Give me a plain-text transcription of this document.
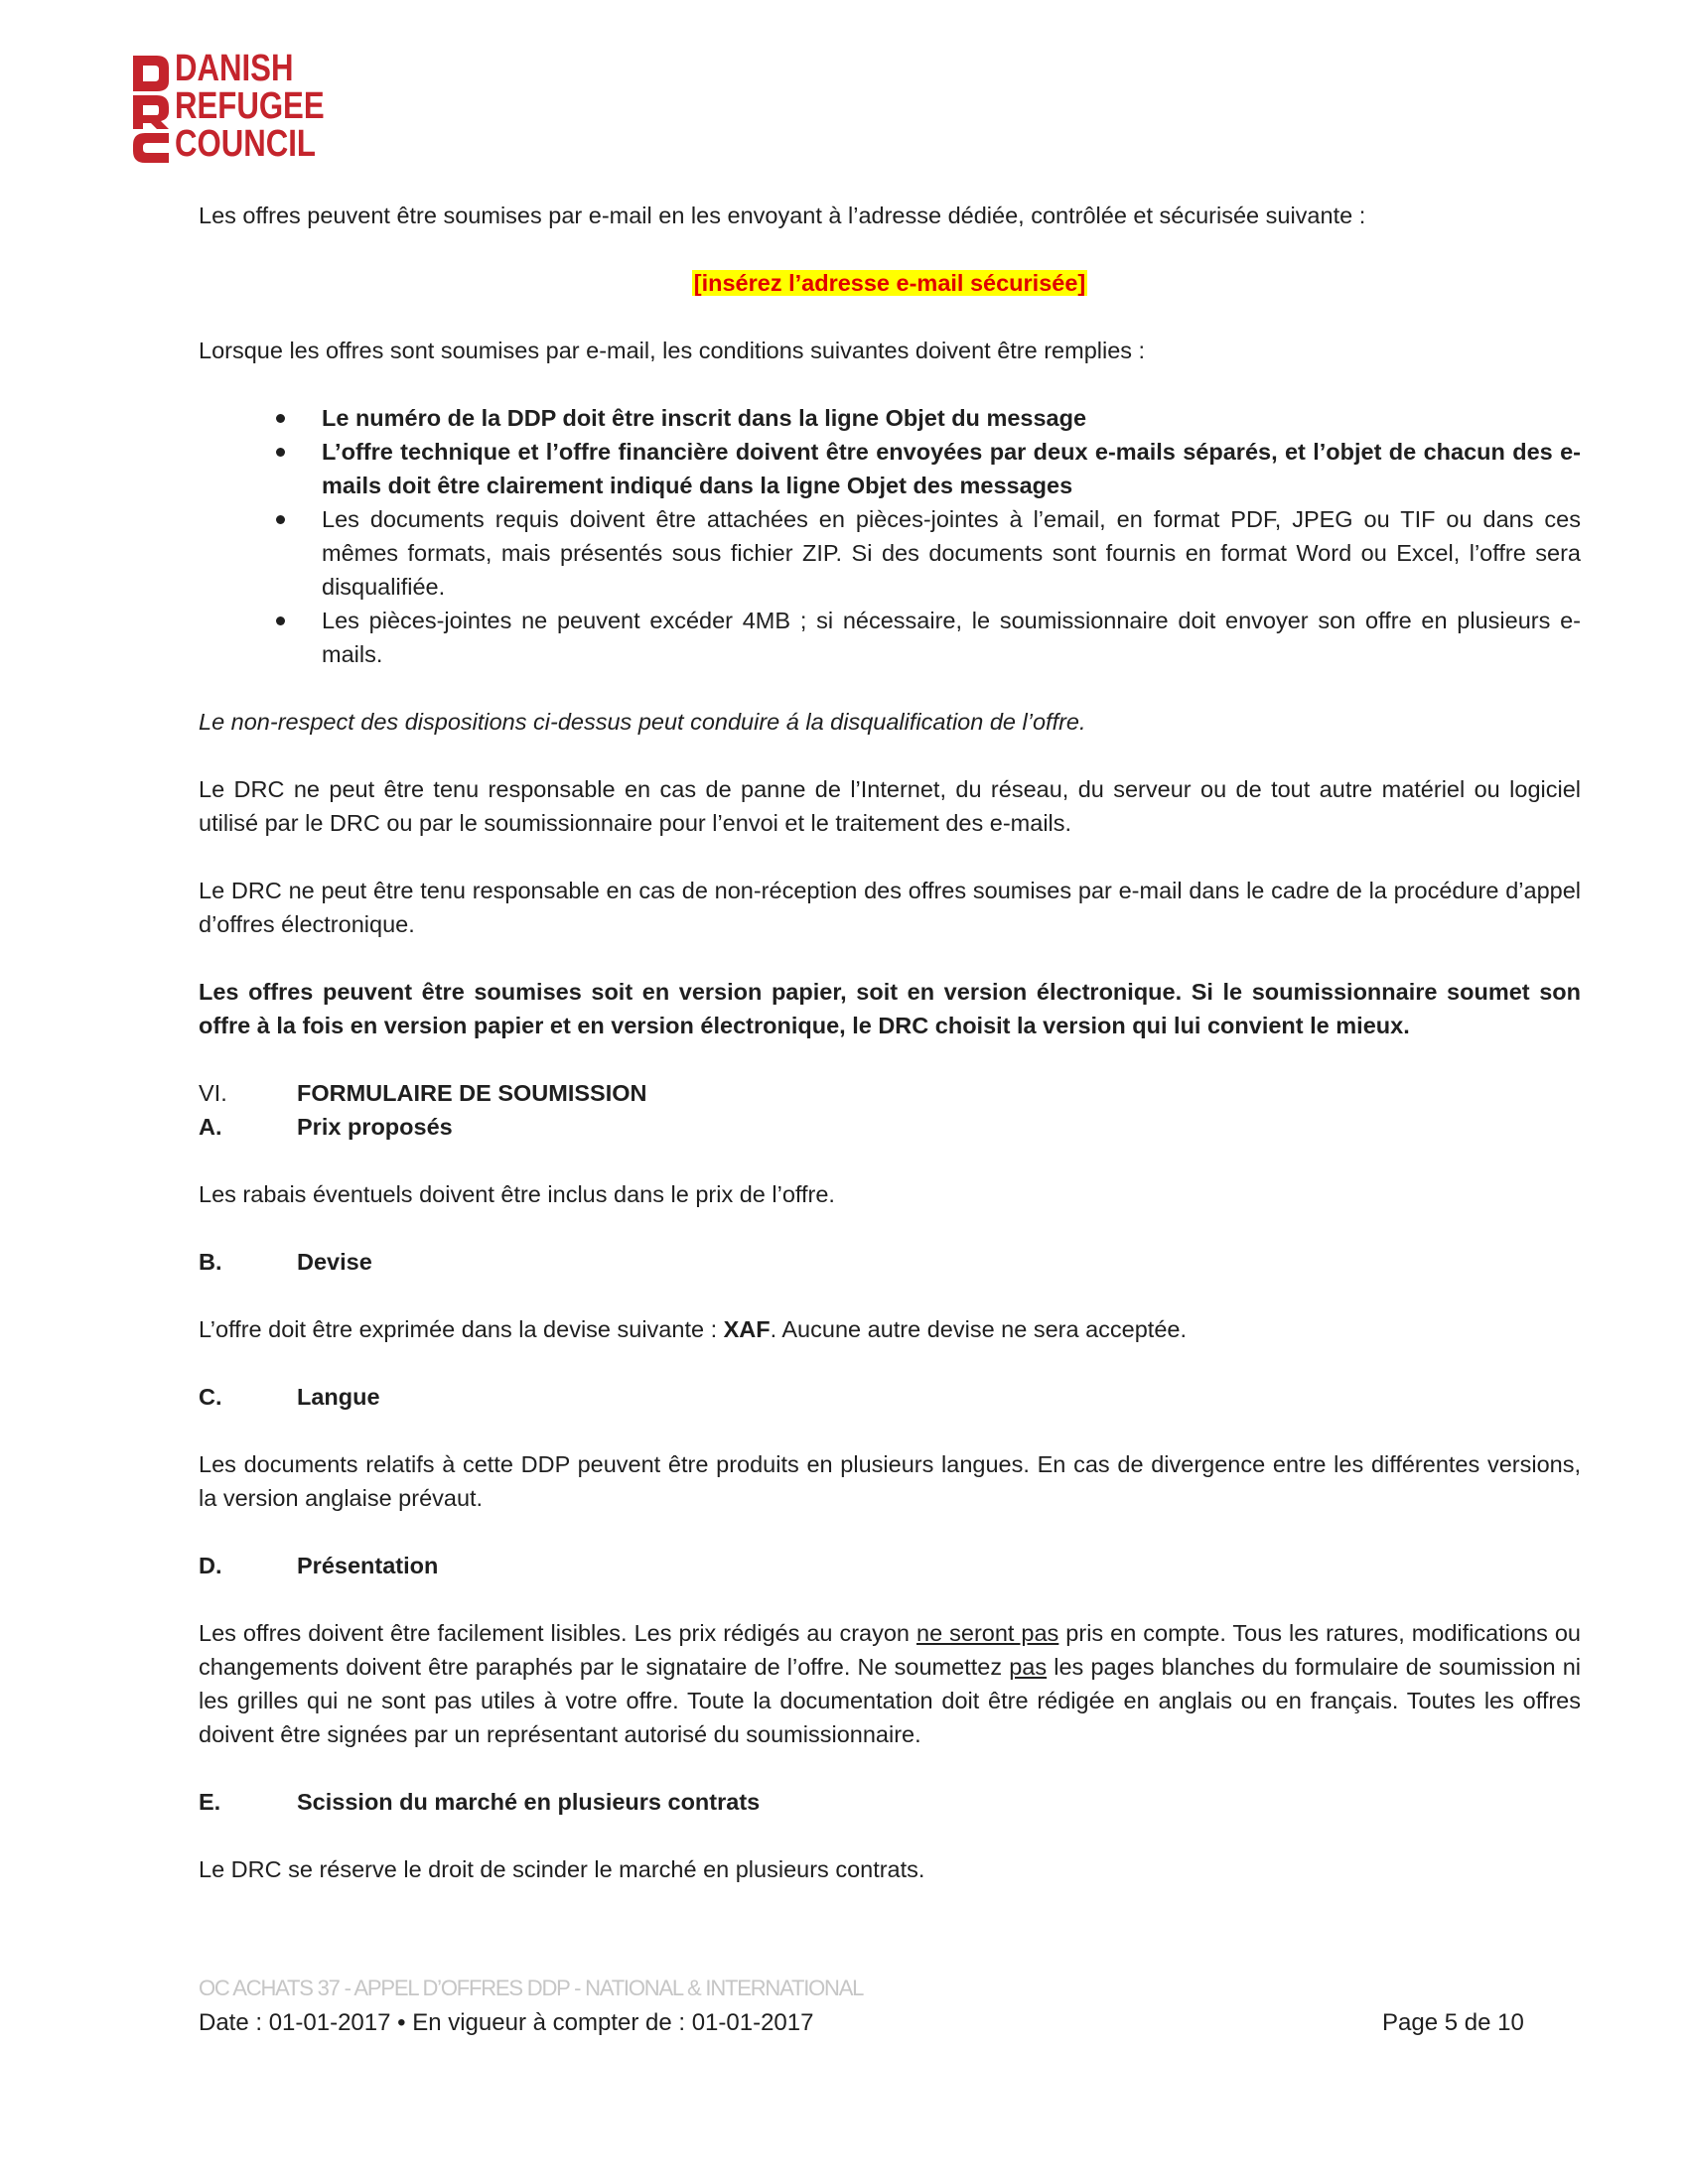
DANISH
REFUGEE
COUNCIL

Les offres peuvent être soumises par e-mail en les envoyant à l’adresse dédiée, contrôlée et sécurisée suivante :

[insérez l’adresse e-mail sécurisée]

Lorsque les offres sont soumises par e-mail, les conditions suivantes doivent être remplies :

Le numéro de la DDP doit être inscrit dans la ligne Objet du message
L’offre technique et l’offre financière doivent être envoyées par deux e-mails séparés, et l’objet de chacun des e-mails doit être clairement indiqué dans la ligne Objet des messages
Les documents requis doivent être attachées en pièces-jointes à l’email, en format PDF, JPEG ou TIF ou dans ces mêmes formats, mais présentés sous fichier ZIP. Si des documents sont fournis en format Word ou Excel, l’offre sera disqualifiée.
Les pièces-jointes ne peuvent excéder 4MB ; si nécessaire, le soumissionnaire doit envoyer son offre en plusieurs e-mails.

Le non-respect des dispositions ci-dessus peut conduire á la disqualification de l’offre.

Le DRC ne peut être tenu responsable en cas de panne de l’Internet, du réseau, du serveur ou de tout autre matériel ou logiciel utilisé par le DRC ou par le soumissionnaire pour l’envoi et le traitement des e-mails.

Le DRC ne peut être tenu responsable en cas de non-réception des offres soumises par e-mail dans le cadre de la procédure d’appel d’offres électronique.

Les offres peuvent être soumises soit en version papier, soit en version électronique. Si le soumissionnaire soumet son offre à la fois en version papier et en version électronique, le DRC choisit la version qui lui convient le mieux.

VI.	FORMULAIRE DE SOUMISSION

A.	Prix proposés

Les rabais éventuels doivent être inclus dans le prix de l’offre.

B.	Devise

L’offre doit être exprimée dans la devise suivante : XAF. Aucune autre devise ne sera acceptée.

C.	Langue

Les documents relatifs à cette DDP peuvent être produits en plusieurs langues. En cas de divergence entre les différentes versions, la version anglaise prévaut.

D.	Présentation

Les offres doivent être facilement lisibles. Les prix rédigés au crayon ne seront pas pris en compte. Tous les ratures, modifications ou changements doivent être paraphés par le signataire de l’offre. Ne soumettez pas les pages blanches du formulaire de soumission ni les grilles qui ne sont pas utiles à votre offre. Toute la documentation doit être rédigée en anglais ou en français. Toutes les offres doivent être signées par un représentant autorisé du soumissionnaire.

E.	Scission du marché en plusieurs contrats

Le DRC se réserve le droit de scinder le marché en plusieurs contrats.

OC ACHATS 37 - APPEL D’OFFRES DDP - NATIONAL & INTERNATIONAL
Date : 01-01-2017 • En vigueur à compter de : 01-01-2017	Page 5 de 10
